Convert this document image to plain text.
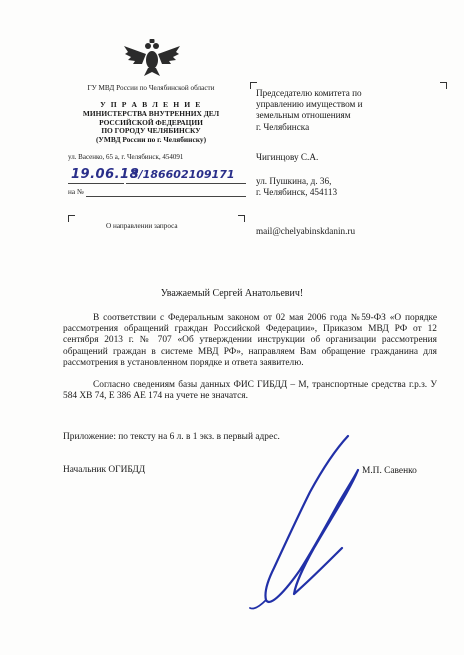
ГУ МВД России по Челябинской области
У П Р А В Л Е Н И Е
МИНИСТЕРСТВА ВНУТРЕННИХ ДЕЛ
РОССИЙСКОЙ ФЕДЕРАЦИИ
ПО ГОРОДУ ЧЕЛЯБИНСКУ
(УМВД России по г. Челябинску)
ул. Васенко, 65 а, г. Челябинск, 454091
19.06.18
3/186602109171
на №
О направлении запроса
Председателю комитета по
управлению имуществом и
земельным отношениям
г. Челябинска
Чигинцову С.А.
ул. Пушкина, д. 36,
г. Челябинск, 454113
mail@chelyabinskdanin.ru
Уважаемый Сергей Анатольевич!
В соответствии с Федеральным законом от 02 мая 2006 года №59-ФЗ «О порядке рассмотрения обращений граждан Российской Федерации», Приказом МВД РФ от 12 сентября 2013 г. № 707 «Об утверждении инструкции об организации рассмотрения обращений граждан в системе МВД РФ», направляем Вам обращение гражданина для рассмотрения в установленном порядке и ответа заявителю.
Согласно сведениям базы данных ФИС ГИБДД – М, транспортные средства г.р.з. У 584 ХВ 74, Е 386 АЕ 174 на учете не значатся.
Приложение: по тексту на 6 л. в 1 экз. в первый адрес.
Начальник ОГИБДД	М.П. Савенко
